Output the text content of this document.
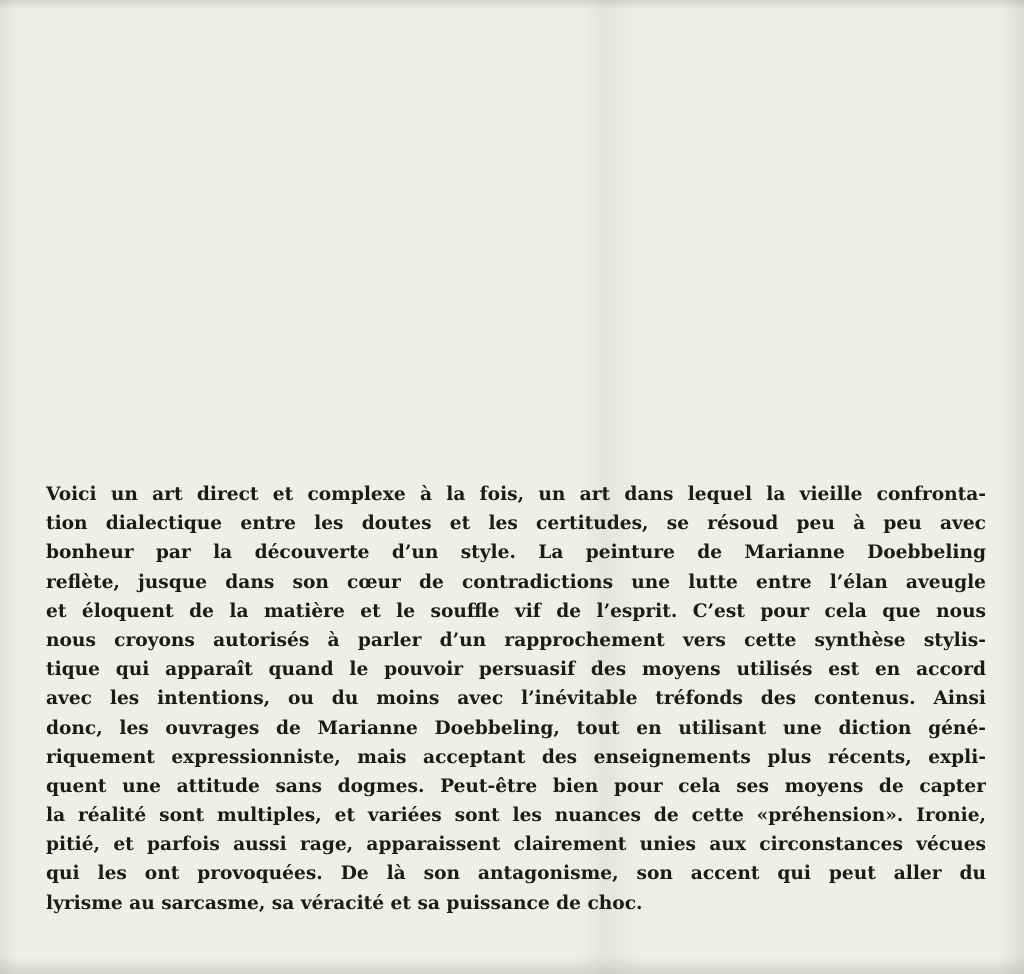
Voici un art direct et complexe à la fois, un art dans lequel la vieille confronta-
tion dialectique entre les doutes et les certitudes, se résoud peu à peu avec
bonheur par la découverte d’un style. La peinture de Marianne Doebbeling
reflète, jusque dans son cœur de contradictions une lutte entre l’élan aveugle
et éloquent de la matière et le souffle vif de l’esprit. C’est pour cela que nous
nous croyons autorisés à parler d’un rapprochement vers cette synthèse stylis-
tique qui apparaît quand le pouvoir persuasif des moyens utilisés est en accord
avec les intentions, ou du moins avec l’inévitable tréfonds des contenus. Ainsi
donc, les ouvrages de Marianne Doebbeling, tout en utilisant une diction géné-
riquement expressionniste, mais acceptant des enseignements plus récents, expli-
quent une attitude sans dogmes. Peut-être bien pour cela ses moyens de capter
la réalité sont multiples, et variées sont les nuances de cette «préhension». Ironie,
pitié, et parfois aussi rage, apparaissent clairement unies aux circonstances vécues
qui les ont provoquées. De là son antagonisme, son accent qui peut aller du
lyrisme au sarcasme, sa véracité et sa puissance de choc.
